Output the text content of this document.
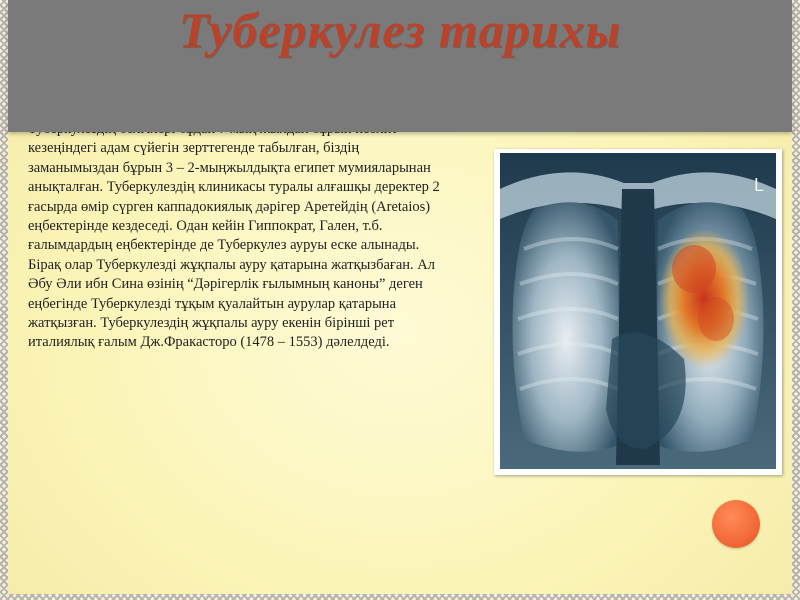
кезеңіндегі адам сүйегін зерттегенде табылған, біздің заманымыздан бұрын 3 – 2-мыңжылдықта египет мумияларынан анықталған. Туберкулездің клиникасы туралы алғашқы деректер 2 ғасырда өмір сүрген каппадокиялық дәрігер Аретейдің (Aretaios) еңбектерінде кездеседі. Одан кейін Гиппократ, Гален, т.б. ғалымдардың еңбектерінде де Туберкулез ауруы еске алынады. Бірақ олар Туберкулезді жұқпалы ауру қатарына жатқызбаған. Ал Әбу Әли ибн Сина өзінің “Дәрігерлік ғылымның каноны” деген еңбегінде Туберкулезді тұқым қуалайтын аурулар қатарына жатқызған. Туберкулездің жұқпалы ауру екенін бірінші рет италиялық ғалым Дж.Фракасторо (1478 – 1553) дәлелдеді.

Туберкулез тарихы
L
